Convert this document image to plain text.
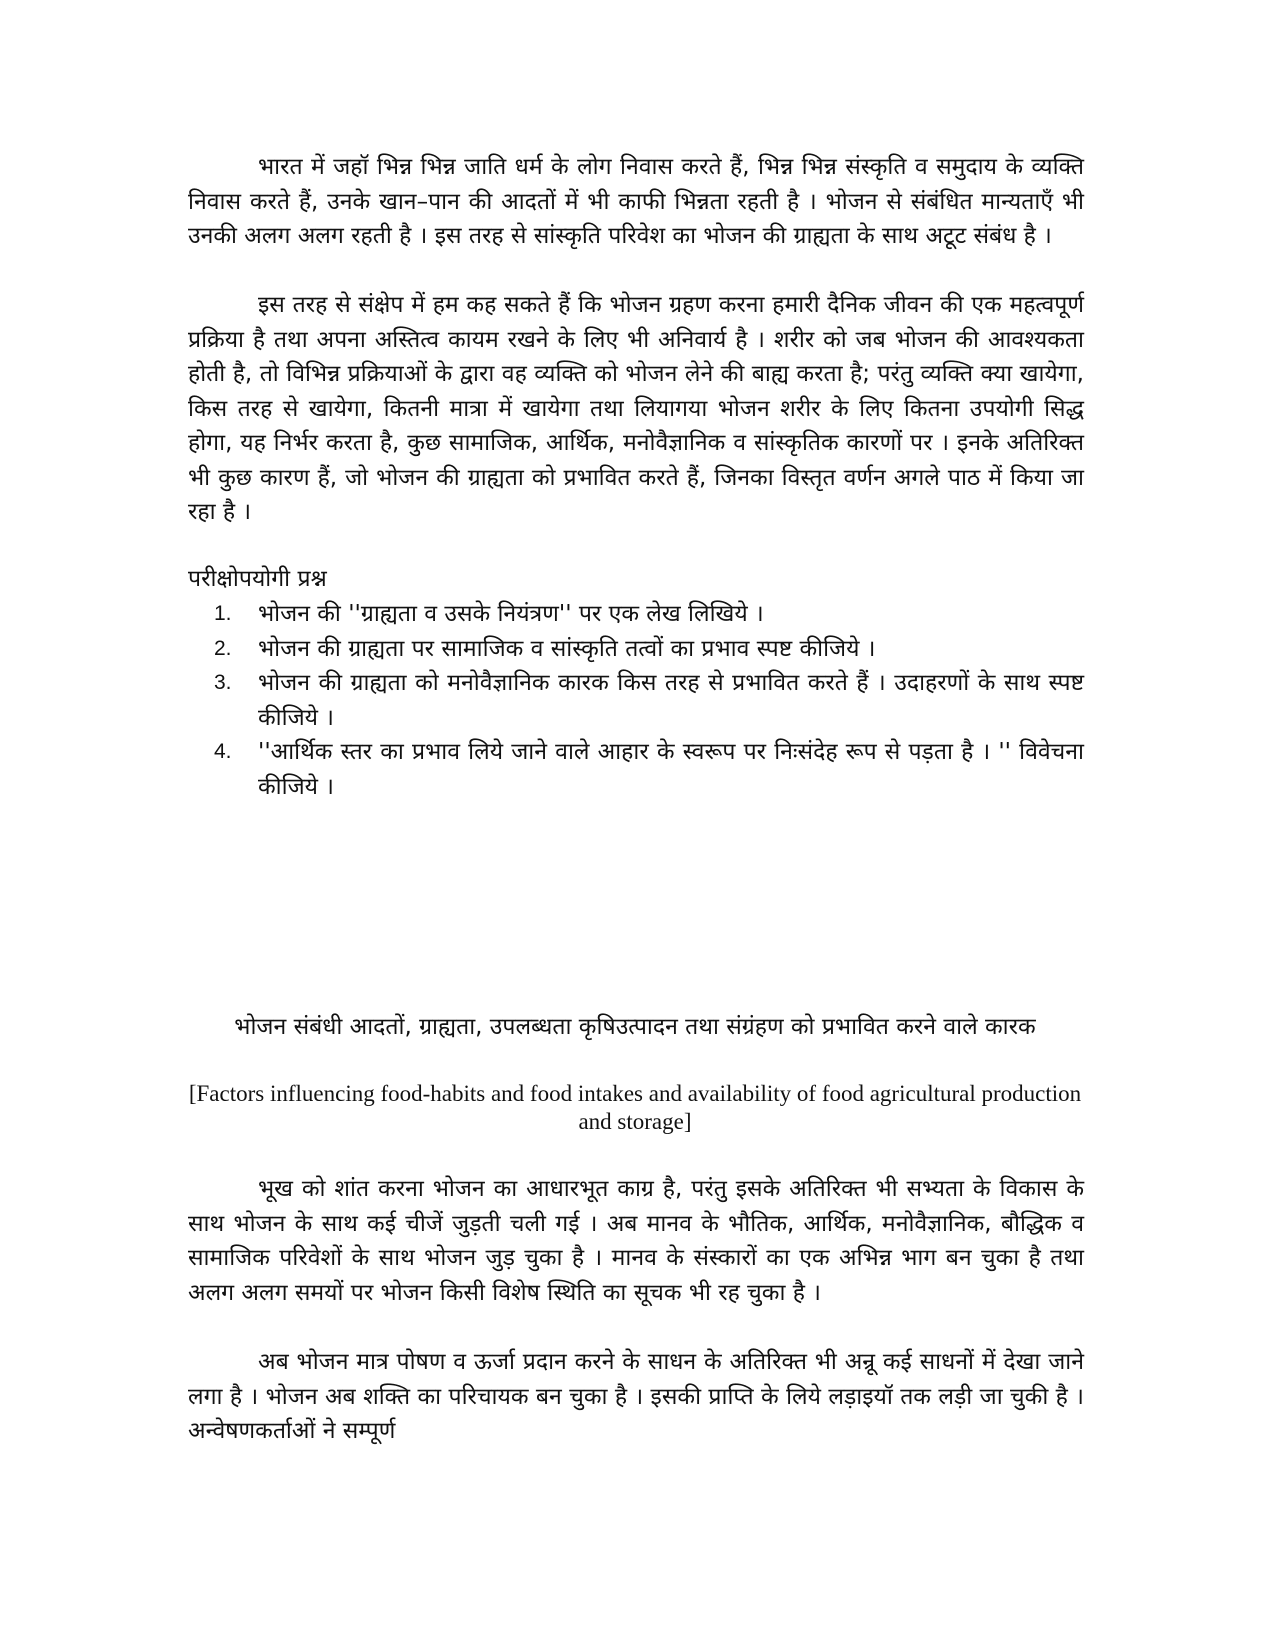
भारत में जहॉ भिन्न भिन्न जाति धर्म के लोग निवास करते हैं, भिन्न भिन्न संस्कृति व समुदाय के व्यक्ति निवास करते हैं, उनके खान–पान की आदतों में भी काफी भिन्नता रहती है । भोजन से संबंधित मान्यताएँ भी उनकी अलग अलग रहती है । इस तरह से सांस्कृति परिवेश का भोजन की ग्राह्यता के साथ अटूट संबंध है ।

इस तरह से संक्षेप में हम कह सकते हैं कि भोजन ग्रहण करना हमारी दैनिक जीवन की एक महत्वपूर्ण प्रक्रिया है तथा अपना अस्तित्व कायम रखने के लिए भी अनिवार्य है । शरीर को जब भोजन की आवश्यकता होती है, तो विभिन्न प्रक्रियाओं के द्वारा वह व्यक्ति को भोजन लेने की बाह्य करता है; परंतु व्यक्ति क्या खायेगा, किस तरह से खायेगा, कितनी मात्रा में खायेगा तथा लियागया भोजन शरीर के लिए कितना उपयोगी सिद्ध होगा, यह निर्भर करता है, कुछ सामाजिक, आर्थिक, मनोवैज्ञानिक व सांस्कृतिक कारणों पर । इनके अतिरिक्त भी कुछ कारण हैं, जो भोजन की ग्राह्यता को प्रभावित करते हैं, जिनका विस्तृत वर्णन अगले पाठ में किया जा रहा है ।

परीक्षोपयोगी प्रश्न

1. भोजन की ''ग्राह्यता व उसके नियंत्रण'' पर एक लेख लिखिये ।
2. भोजन की ग्राह्यता पर सामाजिक व सांस्कृति तत्वों का प्रभाव स्पष्ट कीजिये ।
3. भोजन की ग्राह्यता को मनोवैज्ञानिक कारक किस तरह से प्रभावित करते हैं । उदाहरणों के साथ स्पष्ट कीजिये ।
4. ''आर्थिक स्तर का प्रभाव लिये जाने वाले आहार के स्वरूप पर निःसंदेह रूप से पड़ता है । '' विवेचना कीजिये ।

भोजन संबंधी आदतों, ग्राह्यता, उपलब्धता कृषिउत्पादन तथा संग्रंहण को प्रभावित करने वाले कारक

[Factors influencing food-habits and food intakes and availability of food agricultural production and storage]

भूख को शांत करना भोजन का आधारभूत काग्र है, परंतु इसके अतिरिक्त भी सभ्यता के विकास के साथ भोजन के साथ कई चीजें जुड़ती चली गई । अब मानव के भौतिक, आर्थिक, मनोवैज्ञानिक, बौद्धिक व सामाजिक परिवेशों के साथ भोजन जुड़ चुका है । मानव के संस्कारों का एक अभिन्न भाग बन चुका है तथा अलग अलग समयों पर भोजन किसी विशेष स्थिति का सूचक भी रह चुका है ।

अब भोजन मात्र पोषण व ऊर्जा प्रदान करने के साधन के अतिरिक्त भी अन्रू कई साधनों में देखा जाने लगा है । भोजन अब शक्ति का परिचायक बन चुका है । इसकी प्राप्ति के लिये लड़ाइयॉ तक लड़ी जा चुकी है । अन्वेषणकर्ताओं ने सम्पूर्ण
